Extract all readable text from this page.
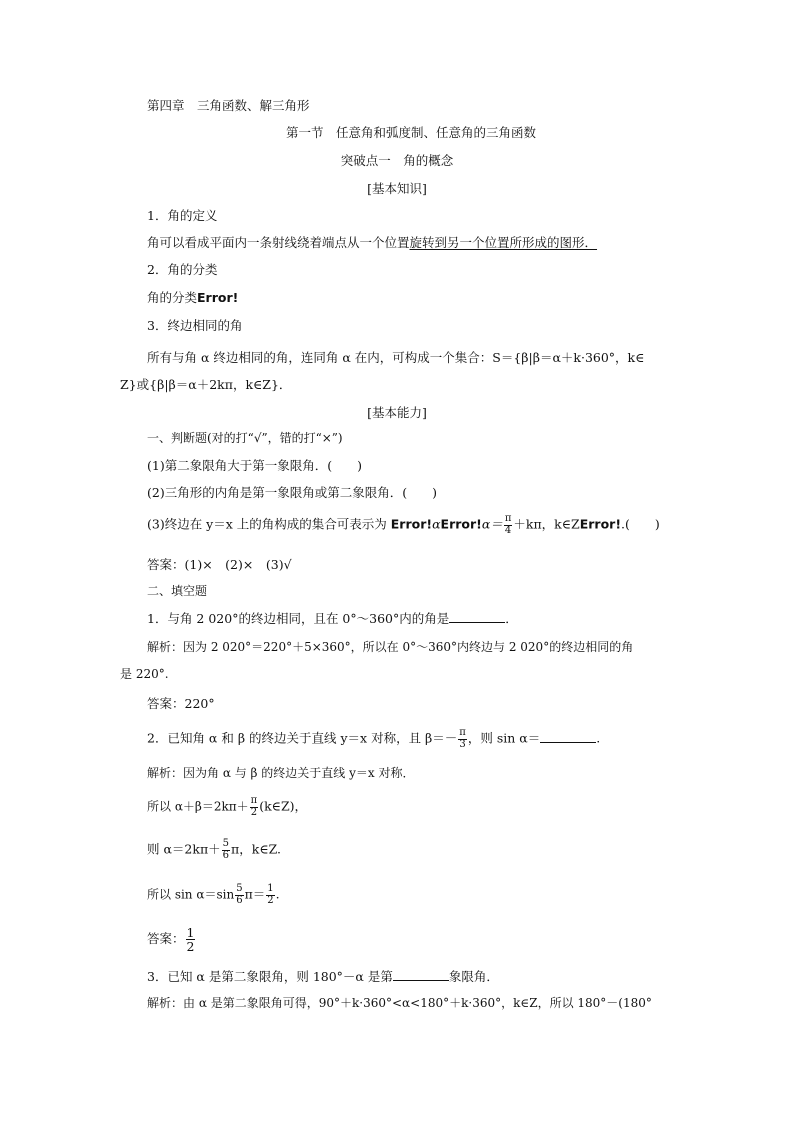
第四章　三角函数、解三角形
第一节　任意角和弧度制、任意角的三角函数
突破点一　角的概念
[基本知识]
1．角的定义
角可以看成平面内一条射线绕着端点从一个位置旋转到另一个位置所形成的图形．
2．角的分类
角的分类Error!
3．终边相同的角
所有与角 α 终边相同的角，连同角 α 在内，可构成一个集合：S＝{β|β＝α＋k·360°，k∈
Z}或{β|β＝α＋2kπ，k∈Z}．
[基本能力]
一、判断题(对的打“√”，错的打“×”)
(1)第二象限角大于第一象限角．(　　)
(2)三角形的内角是第一象限角或第二象限角．(　　)
(3)终边在 y＝x 上的角构成的集合可表示为 Error!αError!α＝ $\frac{\pi}{4} +k\pi$，k∈ZError!.(　　)
答案：(1)×　(2)×　(3)√
二、填空题
1．与角 2 020°的终边相同，且在 0°～360°内的角是	．
解析：因为 2 020°＝220°＋5×360°，所以在 0°～360°内终边与 2 020°的终边相同的角
是 220°.
答案：220°
2．已知角 α 和 β 的终边关于直线 y＝x 对称，且 $\beta=- \frac{\pi}{3}$ ，则 sin α＝	.
解析：因为角 α 与 β 的终边关于直线 y＝x 对称．
所以 $\alpha+\beta=2k\pi+ \frac{\pi}{2}$ (k∈Z)，
则 $\alpha=2k\pi+ \frac{5}{6}$ π，k∈Z.
所以 $\sin \alpha=\sin \frac{5}{6} \pi= \frac{1}{2}$ .
答案： $\frac{1}{2}$
3．已知 α 是第二象限角，则 180°－α 是第	象限角．
解析：由 α 是第二象限角可得，90°＋k·360°<α<180°＋k·360°，k∈Z，所以 180°－(180°
